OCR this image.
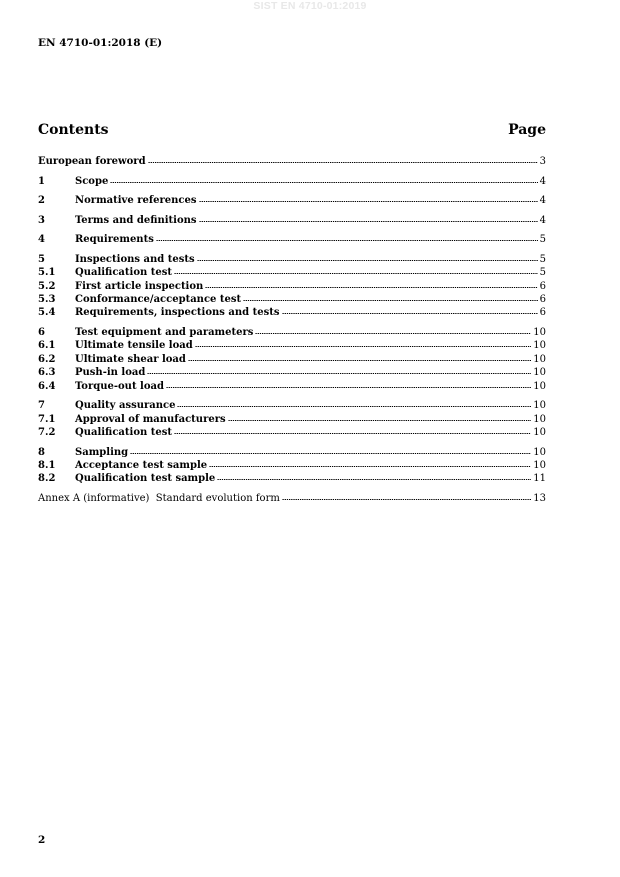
SIST EN 4710-01:2019
EN 4710-01:2018 (E)
Contents	Page
European foreword	3
1	Scope	4
2	Normative references	4
3	Terms and definitions	4
4	Requirements	5
5	Inspections and tests	5
5.1	Qualification test	5
5.2	First article inspection	6
5.3	Conformance/acceptance test	6
5.4	Requirements, inspections and tests	6
6	Test equipment and parameters	10
6.1	Ultimate tensile load	10
6.2	Ultimate shear load	10
6.3	Push-in load	10
6.4	Torque-out load	10
7	Quality assurance	10
7.1	Approval of manufacturers	10
7.2	Qualification test	10
8	Sampling	10
8.1	Acceptance test sample	10
8.2	Qualification test sample	11
Annex A (informative)  Standard evolution form	13
2
